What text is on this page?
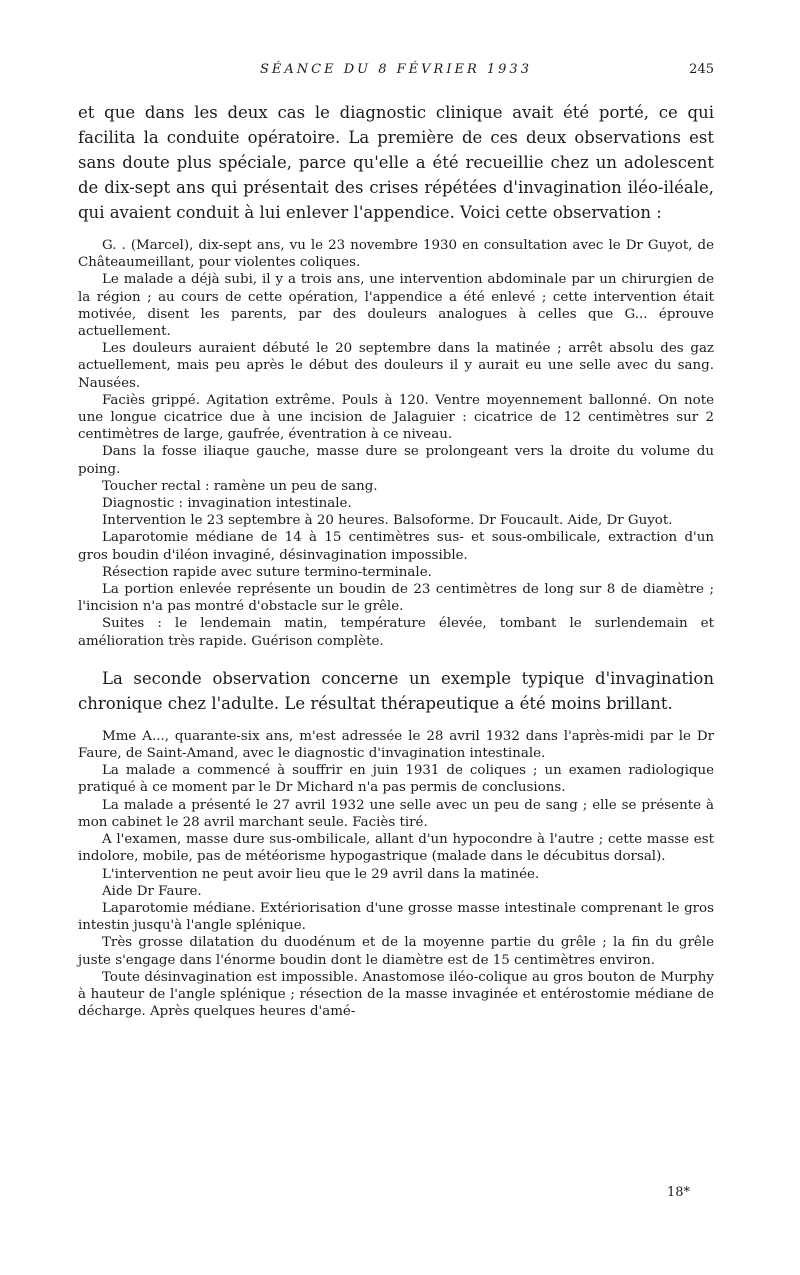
SÉANCE DU 8 FÉVRIER 1933	245

et que dans les deux cas le diagnostic clinique avait été porté, ce qui facilita la conduite opératoire. La première de ces deux observations est sans doute plus spéciale, parce qu'elle a été recueillie chez un adolescent de dix-sept ans qui présentait des crises répétées d'invagination iléo-iléale, qui avaient conduit à lui enlever l'appendice. Voici cette observation :

G. . (Marcel), dix-sept ans, vu le 23 novembre 1930 en consultation avec le Dr Guyot, de Châteaumeillant, pour violentes coliques.

Le malade a déjà subi, il y a trois ans, une intervention abdominale par un chirurgien de la région ; au cours de cette opération, l'appendice a été enlevé ; cette intervention était motivée, disent les parents, par des douleurs analogues à celles que G... éprouve actuellement.

Les douleurs auraient débuté le 20 septembre dans la matinée ; arrêt absolu des gaz actuellement, mais peu après le début des douleurs il y aurait eu une selle avec du sang. Nausées.

Faciès grippé. Agitation extrême. Pouls à 120. Ventre moyennement ballonné. On note une longue cicatrice due à une incision de Jalaguier : cicatrice de 12 centimètres sur 2 centimètres de large, gaufrée, éventration à ce niveau.

Dans la fosse iliaque gauche, masse dure se prolongeant vers la droite du volume du poing.

Toucher rectal : ramène un peu de sang.

Diagnostic : invagination intestinale.

Intervention le 23 septembre à 20 heures. Balsoforme. Dr Foucault. Aide, Dr Guyot.

Laparotomie médiane de 14 à 15 centimètres sus- et sous-ombilicale, extraction d'un gros boudin d'iléon invaginé, désinvagination impossible.

Résection rapide avec suture termino-terminale.

La portion enlevée représente un boudin de 23 centimètres de long sur 8 de diamètre ; l'incision n'a pas montré d'obstacle sur le grêle.

Suites : le lendemain matin, température élevée, tombant le surlendemain et amélioration très rapide. Guérison complète.

La seconde observation concerne un exemple typique d'invagination chronique chez l'adulte. Le résultat thérapeutique a été moins brillant.

Mme A..., quarante-six ans, m'est adressée le 28 avril 1932 dans l'après-midi par le Dr Faure, de Saint-Amand, avec le diagnostic d'invagination intestinale.

La malade a commencé à souffrir en juin 1931 de coliques ; un examen radiologique pratiqué à ce moment par le Dr Michard n'a pas permis de conclusions.

La malade a présenté le 27 avril 1932 une selle avec un peu de sang ; elle se présente à mon cabinet le 28 avril marchant seule. Faciès tiré.

A l'examen, masse dure sus-ombilicale, allant d'un hypocondre à l'autre ; cette masse est indolore, mobile, pas de météorisme hypogastrique (malade dans le décubitus dorsal).

L'intervention ne peut avoir lieu que le 29 avril dans la matinée.

Aide Dr Faure.

Laparotomie médiane. Extériorisation d'une grosse masse intestinale comprenant le gros intestin jusqu'à l'angle splénique.

Très grosse dilatation du duodénum et de la moyenne partie du grêle ; la fin du grêle juste s'engage dans l'énorme boudin dont le diamètre est de 15 centimètres environ.

Toute désinvagination est impossible. Anastomose iléo-colique au gros bouton de Murphy à hauteur de l'angle splénique ; résection de la masse invaginée et entérostomie médiane de décharge. Après quelques heures d'amé-

18*
